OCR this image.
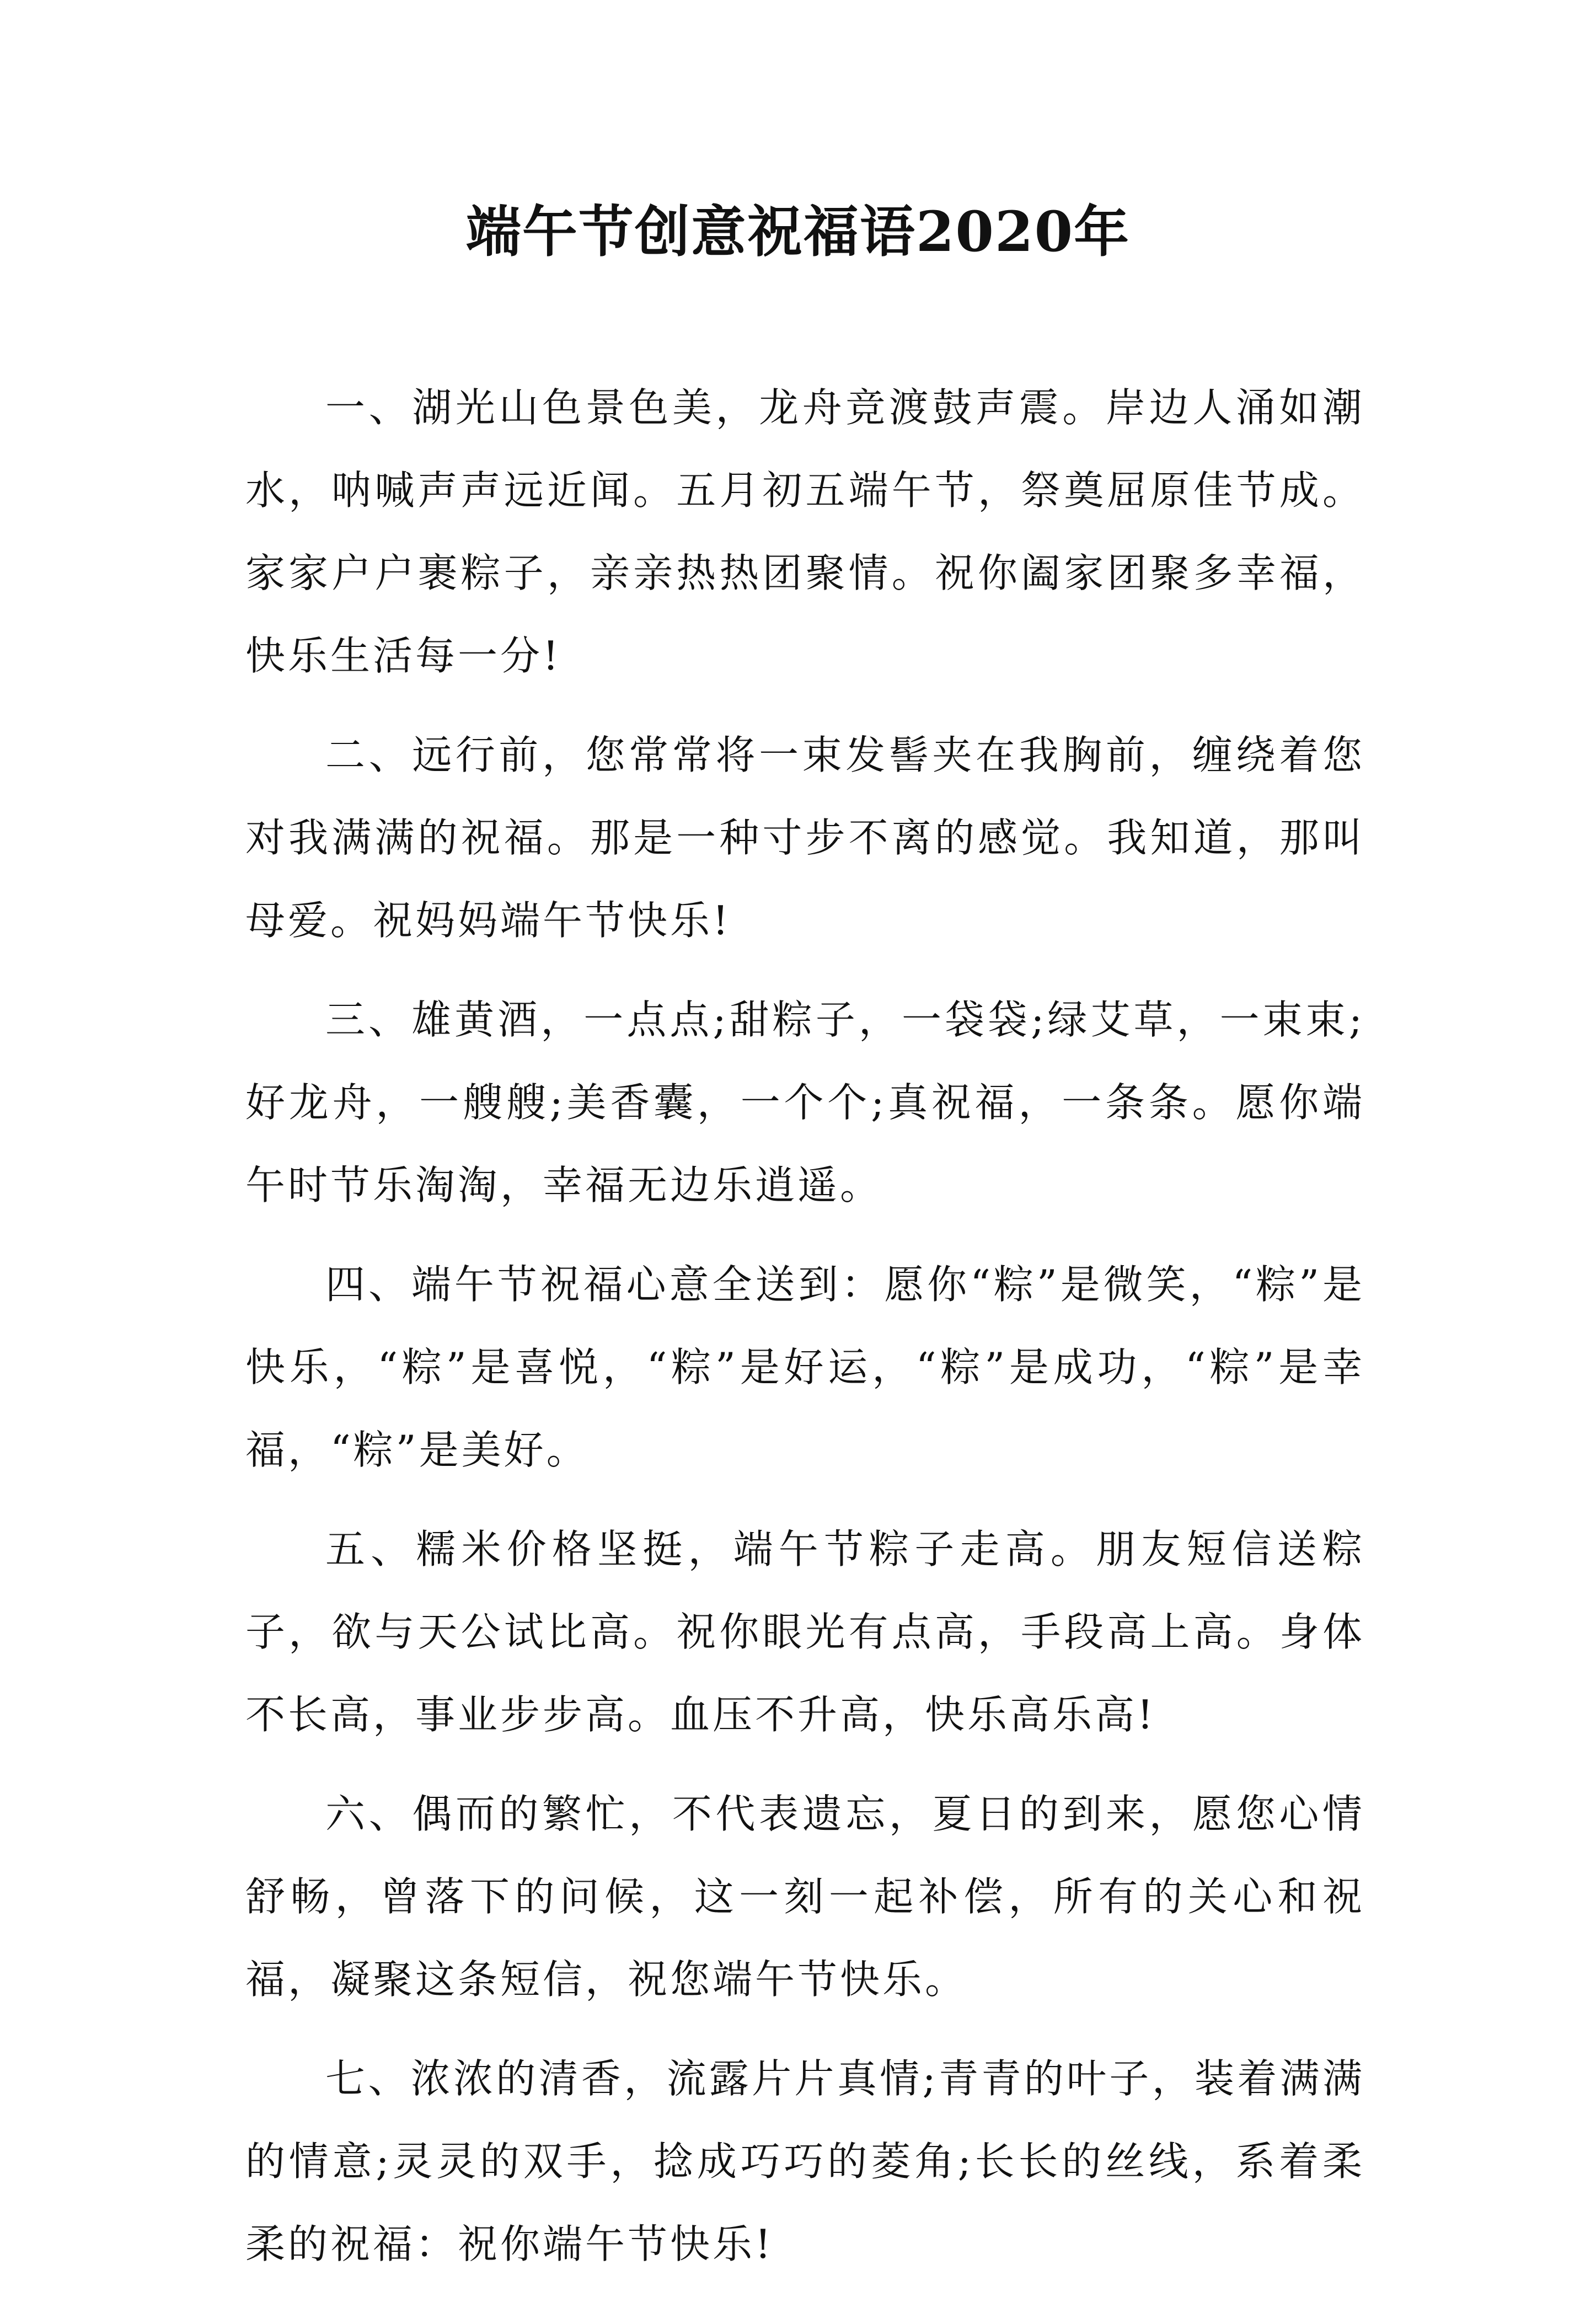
端午节创意祝福语2020年

一、湖光山色景色美，龙舟竞渡鼓声震。岸边人涌如潮水，呐喊声声远近闻。五月初五端午节，祭奠屈原佳节成。家家户户裹粽子，亲亲热热团聚情。祝你阖家团聚多幸福，快乐生活每一分!

二、远行前，您常常将一束发髻夹在我胸前，缠绕着您对我满满的祝福。那是一种寸步不离的感觉。我知道，那叫母爱。祝妈妈端午节快乐!

三、雄黄酒，一点点;甜粽子，一袋袋;绿艾草，一束束;好龙舟，一艘艘;美香囊，一个个;真祝福，一条条。愿你端午时节乐淘淘，幸福无边乐逍遥。

四、端午节祝福心意全送到：愿你“粽”是微笑，“粽”是快乐，“粽”是喜悦，“粽”是好运，“粽”是成功，“粽”是幸福，“粽”是美好。

五、糯米价格坚挺，端午节粽子走高。朋友短信送粽子，欲与天公试比高。祝你眼光有点高，手段高上高。身体不长高，事业步步高。血压不升高，快乐高乐高!

六、偶而的繁忙，不代表遗忘，夏日的到来，愿您心情舒畅，曾落下的问候，这一刻一起补偿，所有的关心和祝福，凝聚这条短信，祝您端午节快乐。

七、浓浓的清香，流露片片真情;青青的叶子，装着满满的情意;灵灵的双手，捻成巧巧的菱角;长长的丝线，系着柔柔的祝福：祝你端午节快乐!
